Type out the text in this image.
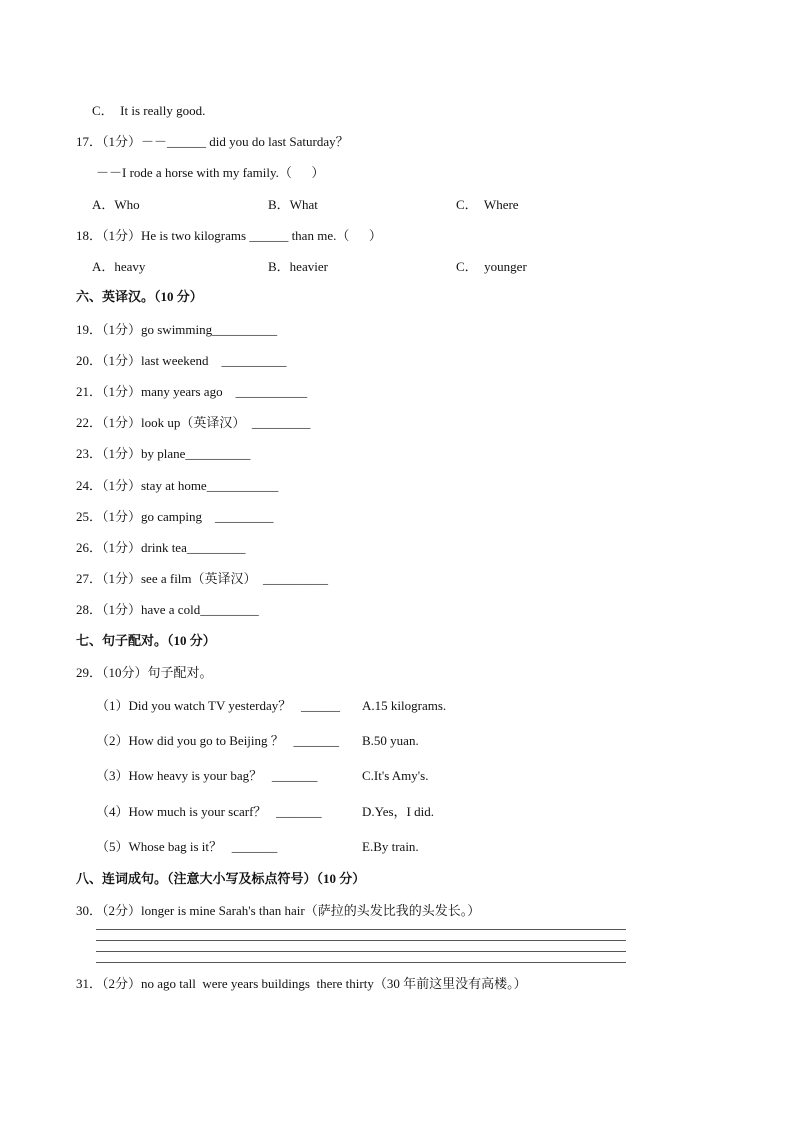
C．  It is really good.
17．（1分）－－______ did you do last Saturday？
－－I rode a horse with my family.（      ）
A．Who	B．What	C．  Where
18．（1分）He is two kilograms ______ than me.（      ）
A．heavy	B．heavier	C．  younger
六、英译汉。（10 分）
19．（1分）go swimming__________
20．（1分）last weekend    __________
21．（1分）many years ago    ___________
22．（1分）look up（英译汉）  _________
23．（1分）by plane__________
24．（1分）stay at home___________
25．（1分）go camping    _________
26．（1分）drink tea_________
27．（1分）see a film（英译汉）  __________
28．（1分）have a cold_________
七、句子配对。（10 分）
29．（10分）句子配对。
（1）Did you watch TV yesterday？   ______ A.15 kilograms.
（2）How did you go to Beijing ？   _______ B.50 yuan.
（3）How heavy is your bag？   _______	C.It's Amy's.
（4）How much is your scarf？   _______	D.Yes，I did.
（5）Whose bag is it？   _______	E.By train.
八、连词成句。（注意大小写及标点符号）（10 分）
30．（2分）longer is mine Sarah's than hair（萨拉的头发比我的头发长。）
31．（2分）no ago tall  were years buildings  there thirty（30 年前这里没有高楼。）
